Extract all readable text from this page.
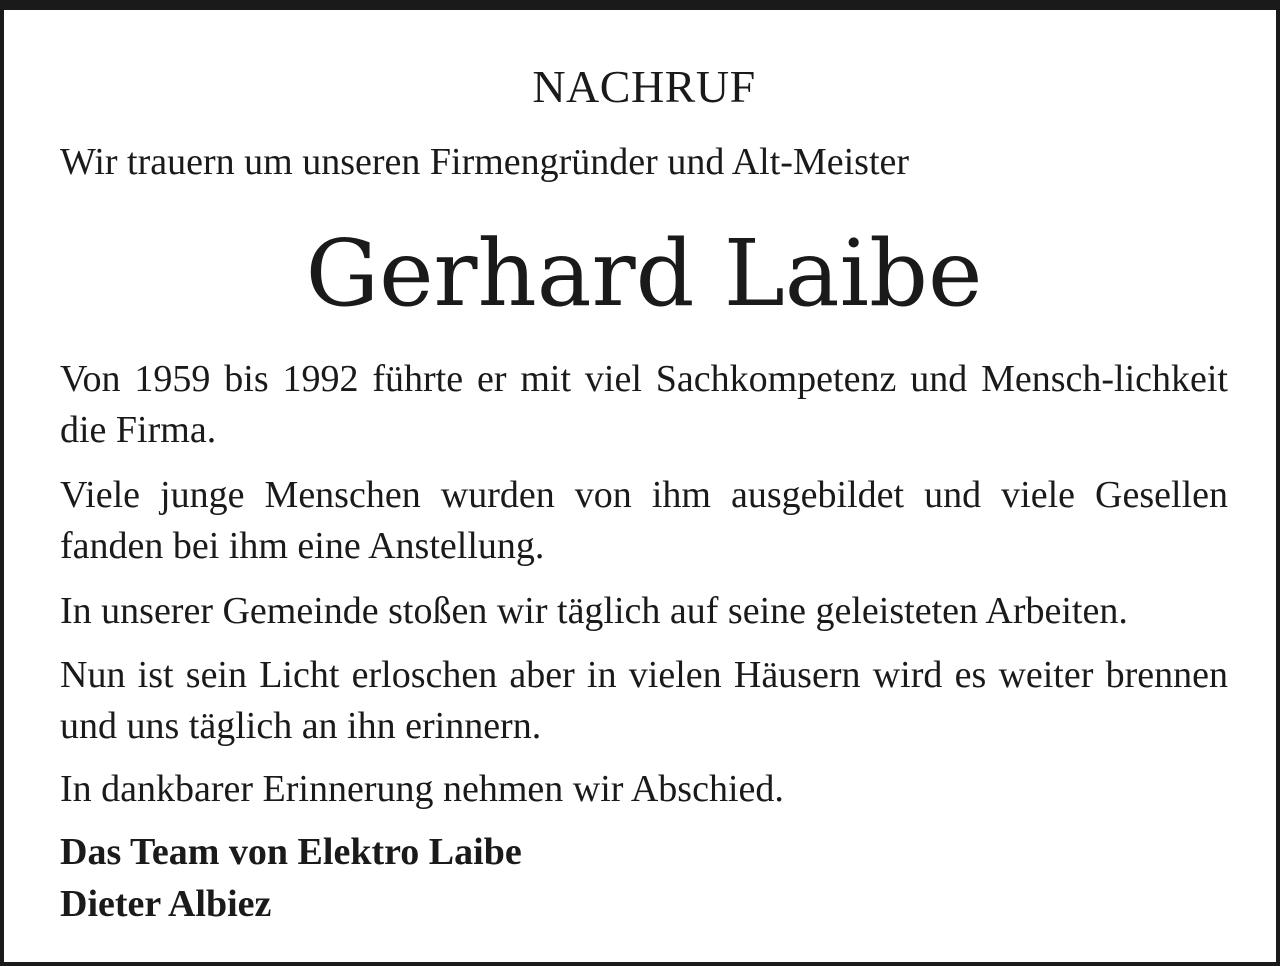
NACHRUF
Wir trauern um unseren Firmengründer und Alt-Meister
Gerhard Laibe

Von 1959 bis 1992 führte er mit viel Sachkompetenz und Mensch-lichkeit die Firma.

Viele junge Menschen wurden von ihm ausgebildet und viele Gesellen fanden bei ihm eine Anstellung.

In unserer Gemeinde stoßen wir täglich auf seine geleisteten Arbeiten.

Nun ist sein Licht erloschen aber in vielen Häusern wird es weiter brennen und uns täglich an ihn erinnern.

In dankbarer Erinnerung nehmen wir Abschied.

Das Team von Elektro Laibe
Dieter Albiez
